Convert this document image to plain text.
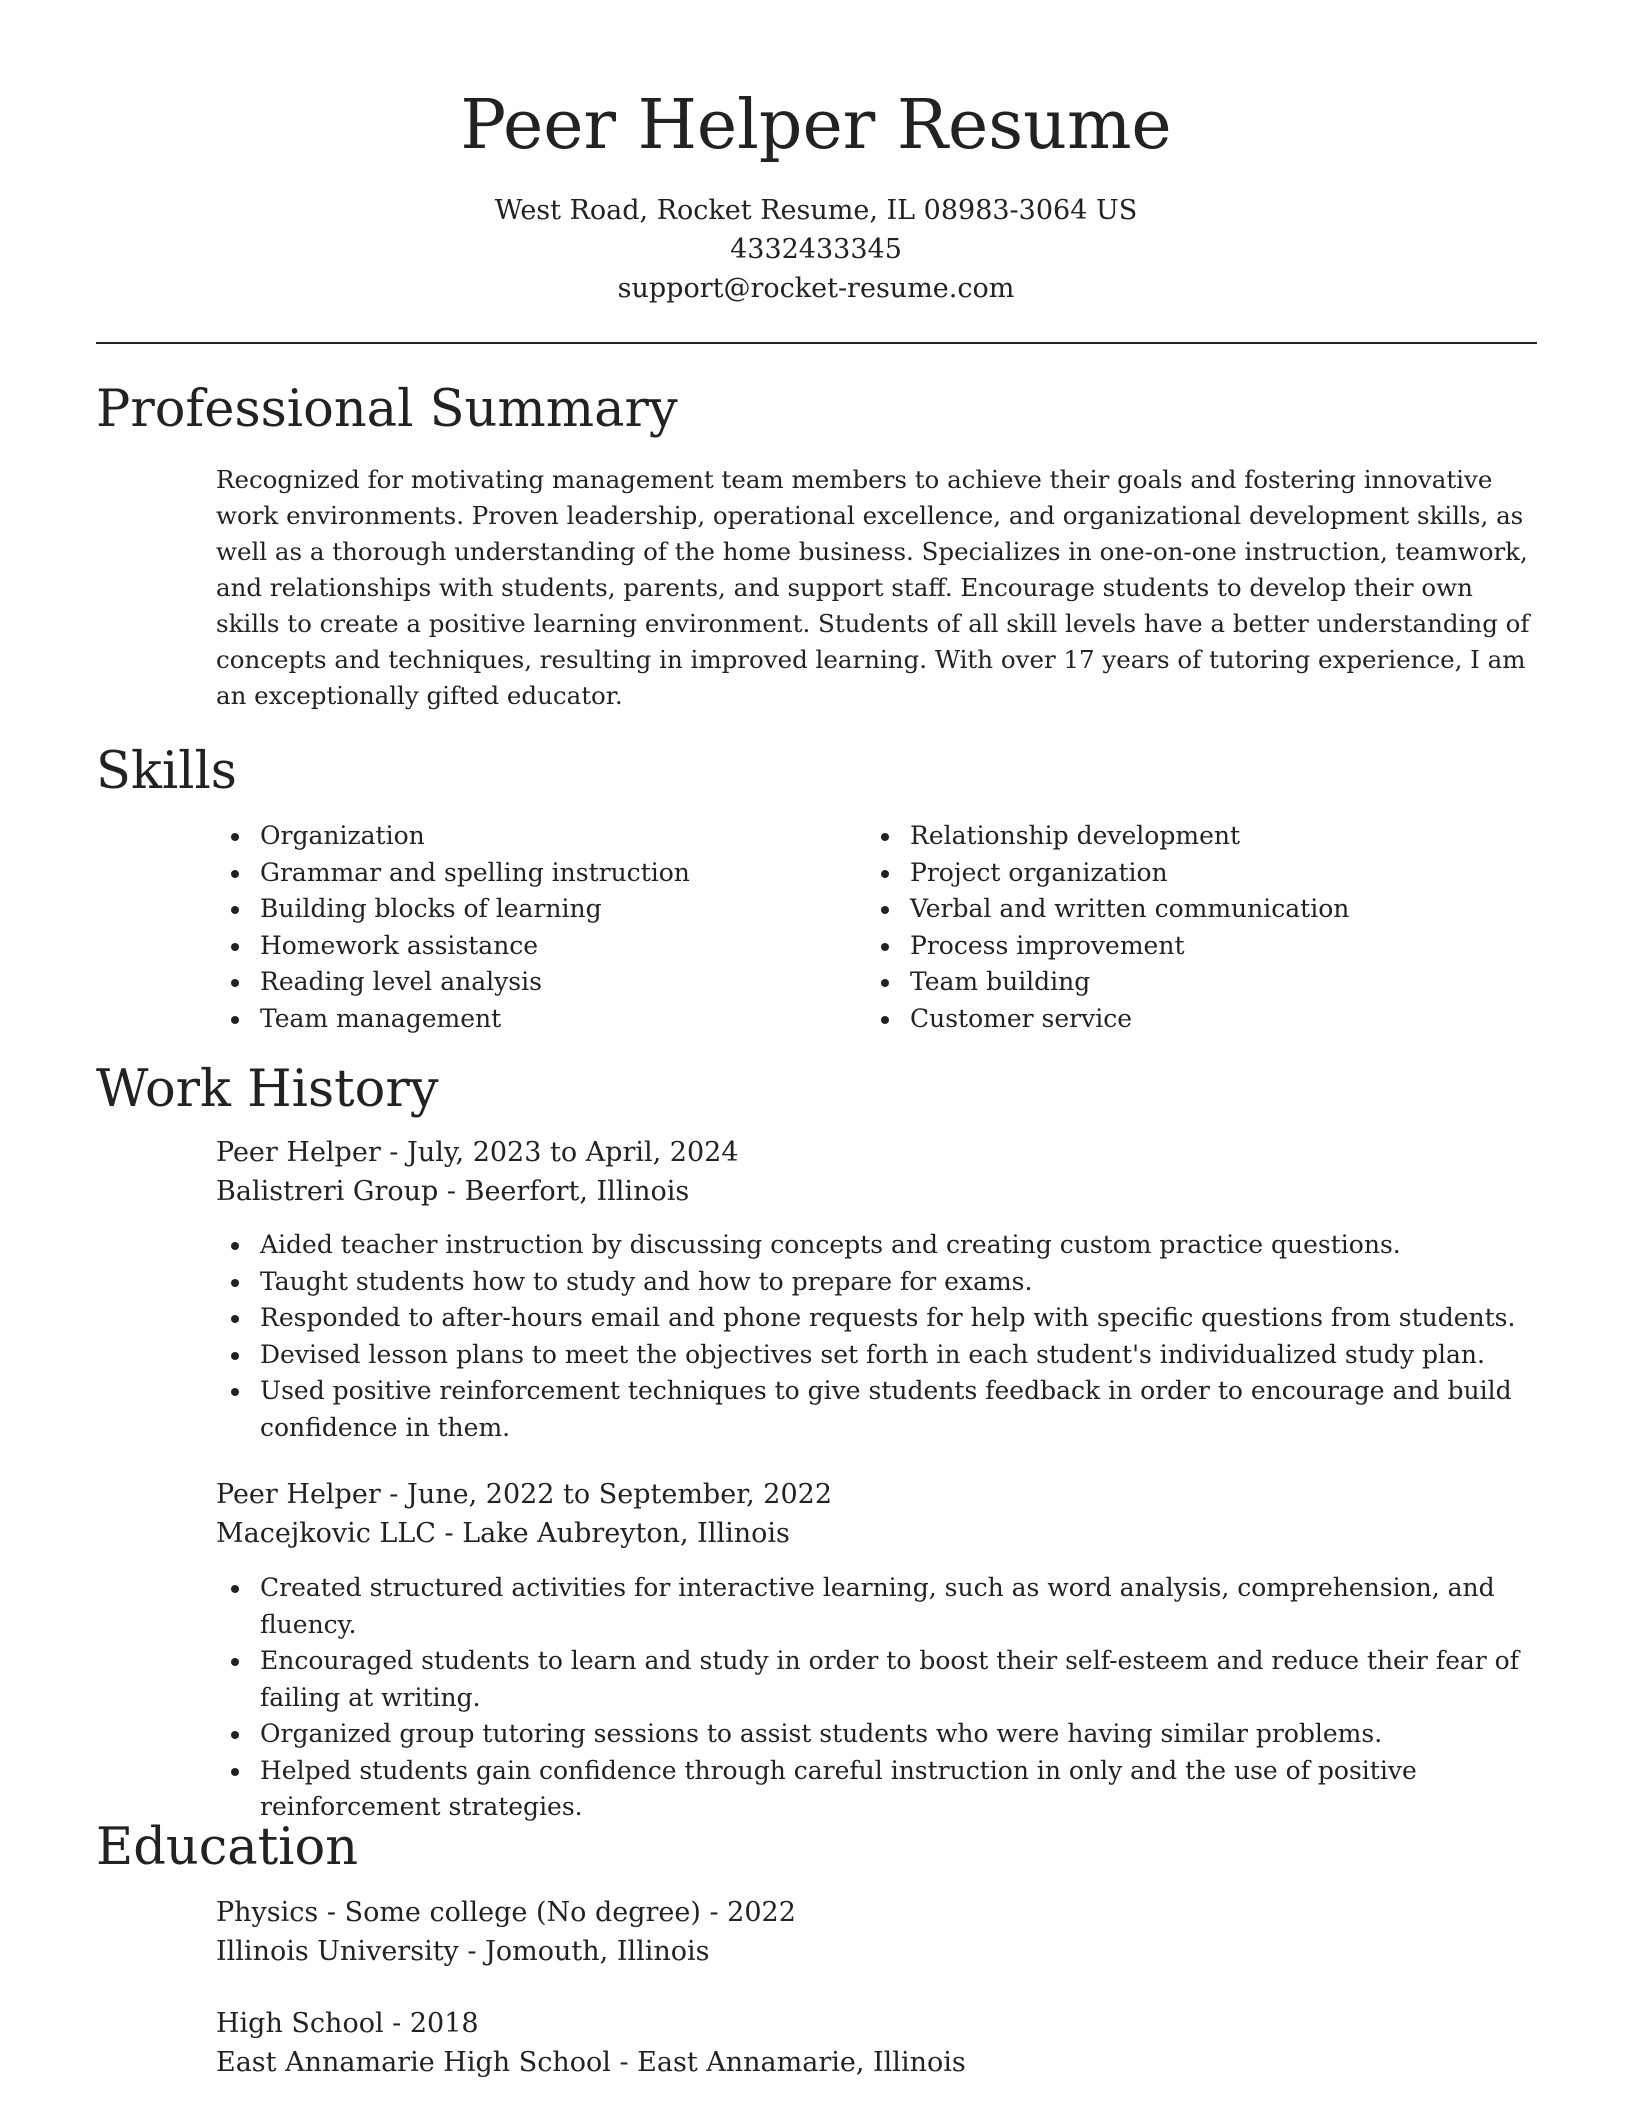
Peer Helper Resume
West Road, Rocket Resume, IL 08983-3064 US
4332433345
support@rocket-resume.com
Professional Summary

Recognized for motivating management team members to achieve their goals and fostering innovative work environments. Proven leadership, operational excellence, and organizational development skills, as well as a thorough understanding of the home business. Specializes in one-on-one instruction, teamwork, and relationships with students, parents, and support staff. Encourage students to develop their own skills to create a positive learning environment. Students of all skill levels have a better understanding of concepts and techniques, resulting in improved learning. With over 17 years of tutoring experience, I am an exceptionally gifted educator.

Skills
Organization
Grammar and spelling instruction
Building blocks of learning
Homework assistance
Reading level analysis
Team management
Relationship development
Project organization
Verbal and written communication
Process improvement
Team building
Customer service
Work History
Peer Helper - July, 2023 to April, 2024
Balistreri Group - Beerfort, Illinois
Aided teacher instruction by discussing concepts and creating custom practice questions.
Taught students how to study and how to prepare for exams.
Responded to after-hours email and phone requests for help with specific questions from students.
Devised lesson plans to meet the objectives set forth in each student's individualized study plan.
Used positive reinforcement techniques to give students feedback in order to encourage and build confidence in them.
Peer Helper - June, 2022 to September, 2022
Macejkovic LLC - Lake Aubreyton, Illinois
Created structured activities for interactive learning, such as word analysis, comprehension, and fluency.
Encouraged students to learn and study in order to boost their self-esteem and reduce their fear of failing at writing.
Organized group tutoring sessions to assist students who were having similar problems.
Helped students gain confidence through careful instruction in only and the use of positive reinforcement strategies.
Education
Physics - Some college (No degree) - 2022
Illinois University - Jomouth, Illinois
High School - 2018
East Annamarie High School - East Annamarie, Illinois
